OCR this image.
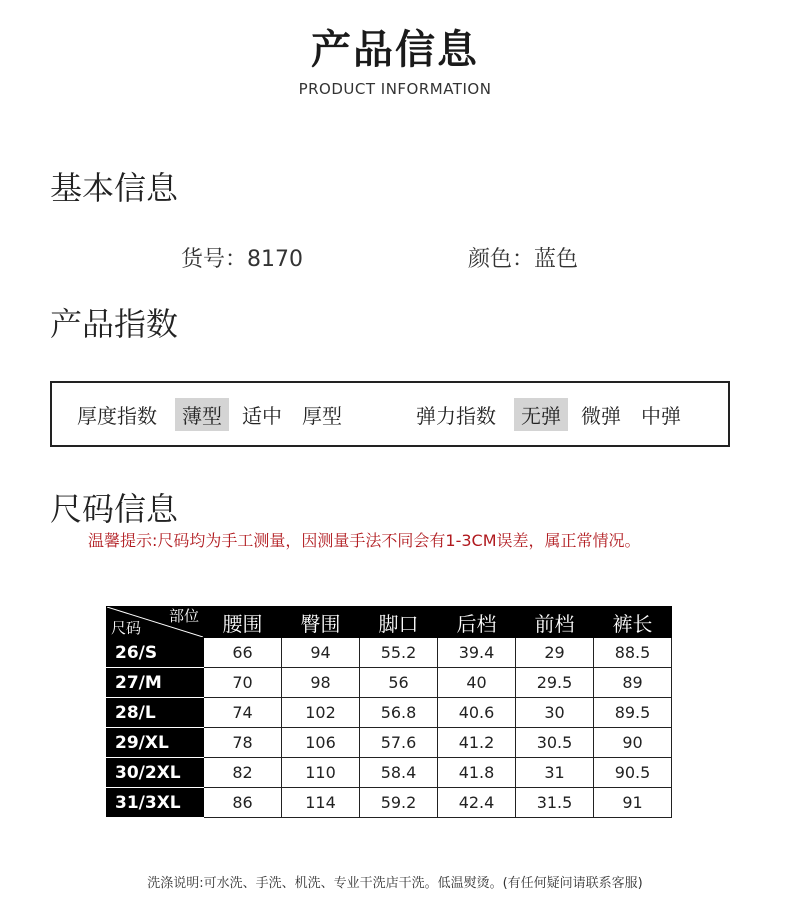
产品信息
PRODUCT INFORMATION
基本信息
货号：8170	颜色：蓝色
产品指数
厚度指数	薄型	适中	厚型	弹力指数	无弹	微弹	中弹
尺码信息
温馨提示:尺码均为手工测量，因测量手法不同会有1-3CM误差，属正常情况。
部位
尺码	腰围	臀围	脚口	后档	前档	裤长
26/S	66	94	55.2	39.4	29	88.5
27/M	70	98	56	40	29.5	89
28/L	74	102	56.8	40.6	30	89.5
29/XL	78	106	57.6	41.2	30.5	90
30/2XL	82	110	58.4	41.8	31	90.5
31/3XL	86	114	59.2	42.4	31.5	91
洗涤说明:可水洗、手洗、机洗、专业干洗店干洗。低温熨烫。(有任何疑问请联系客服)
